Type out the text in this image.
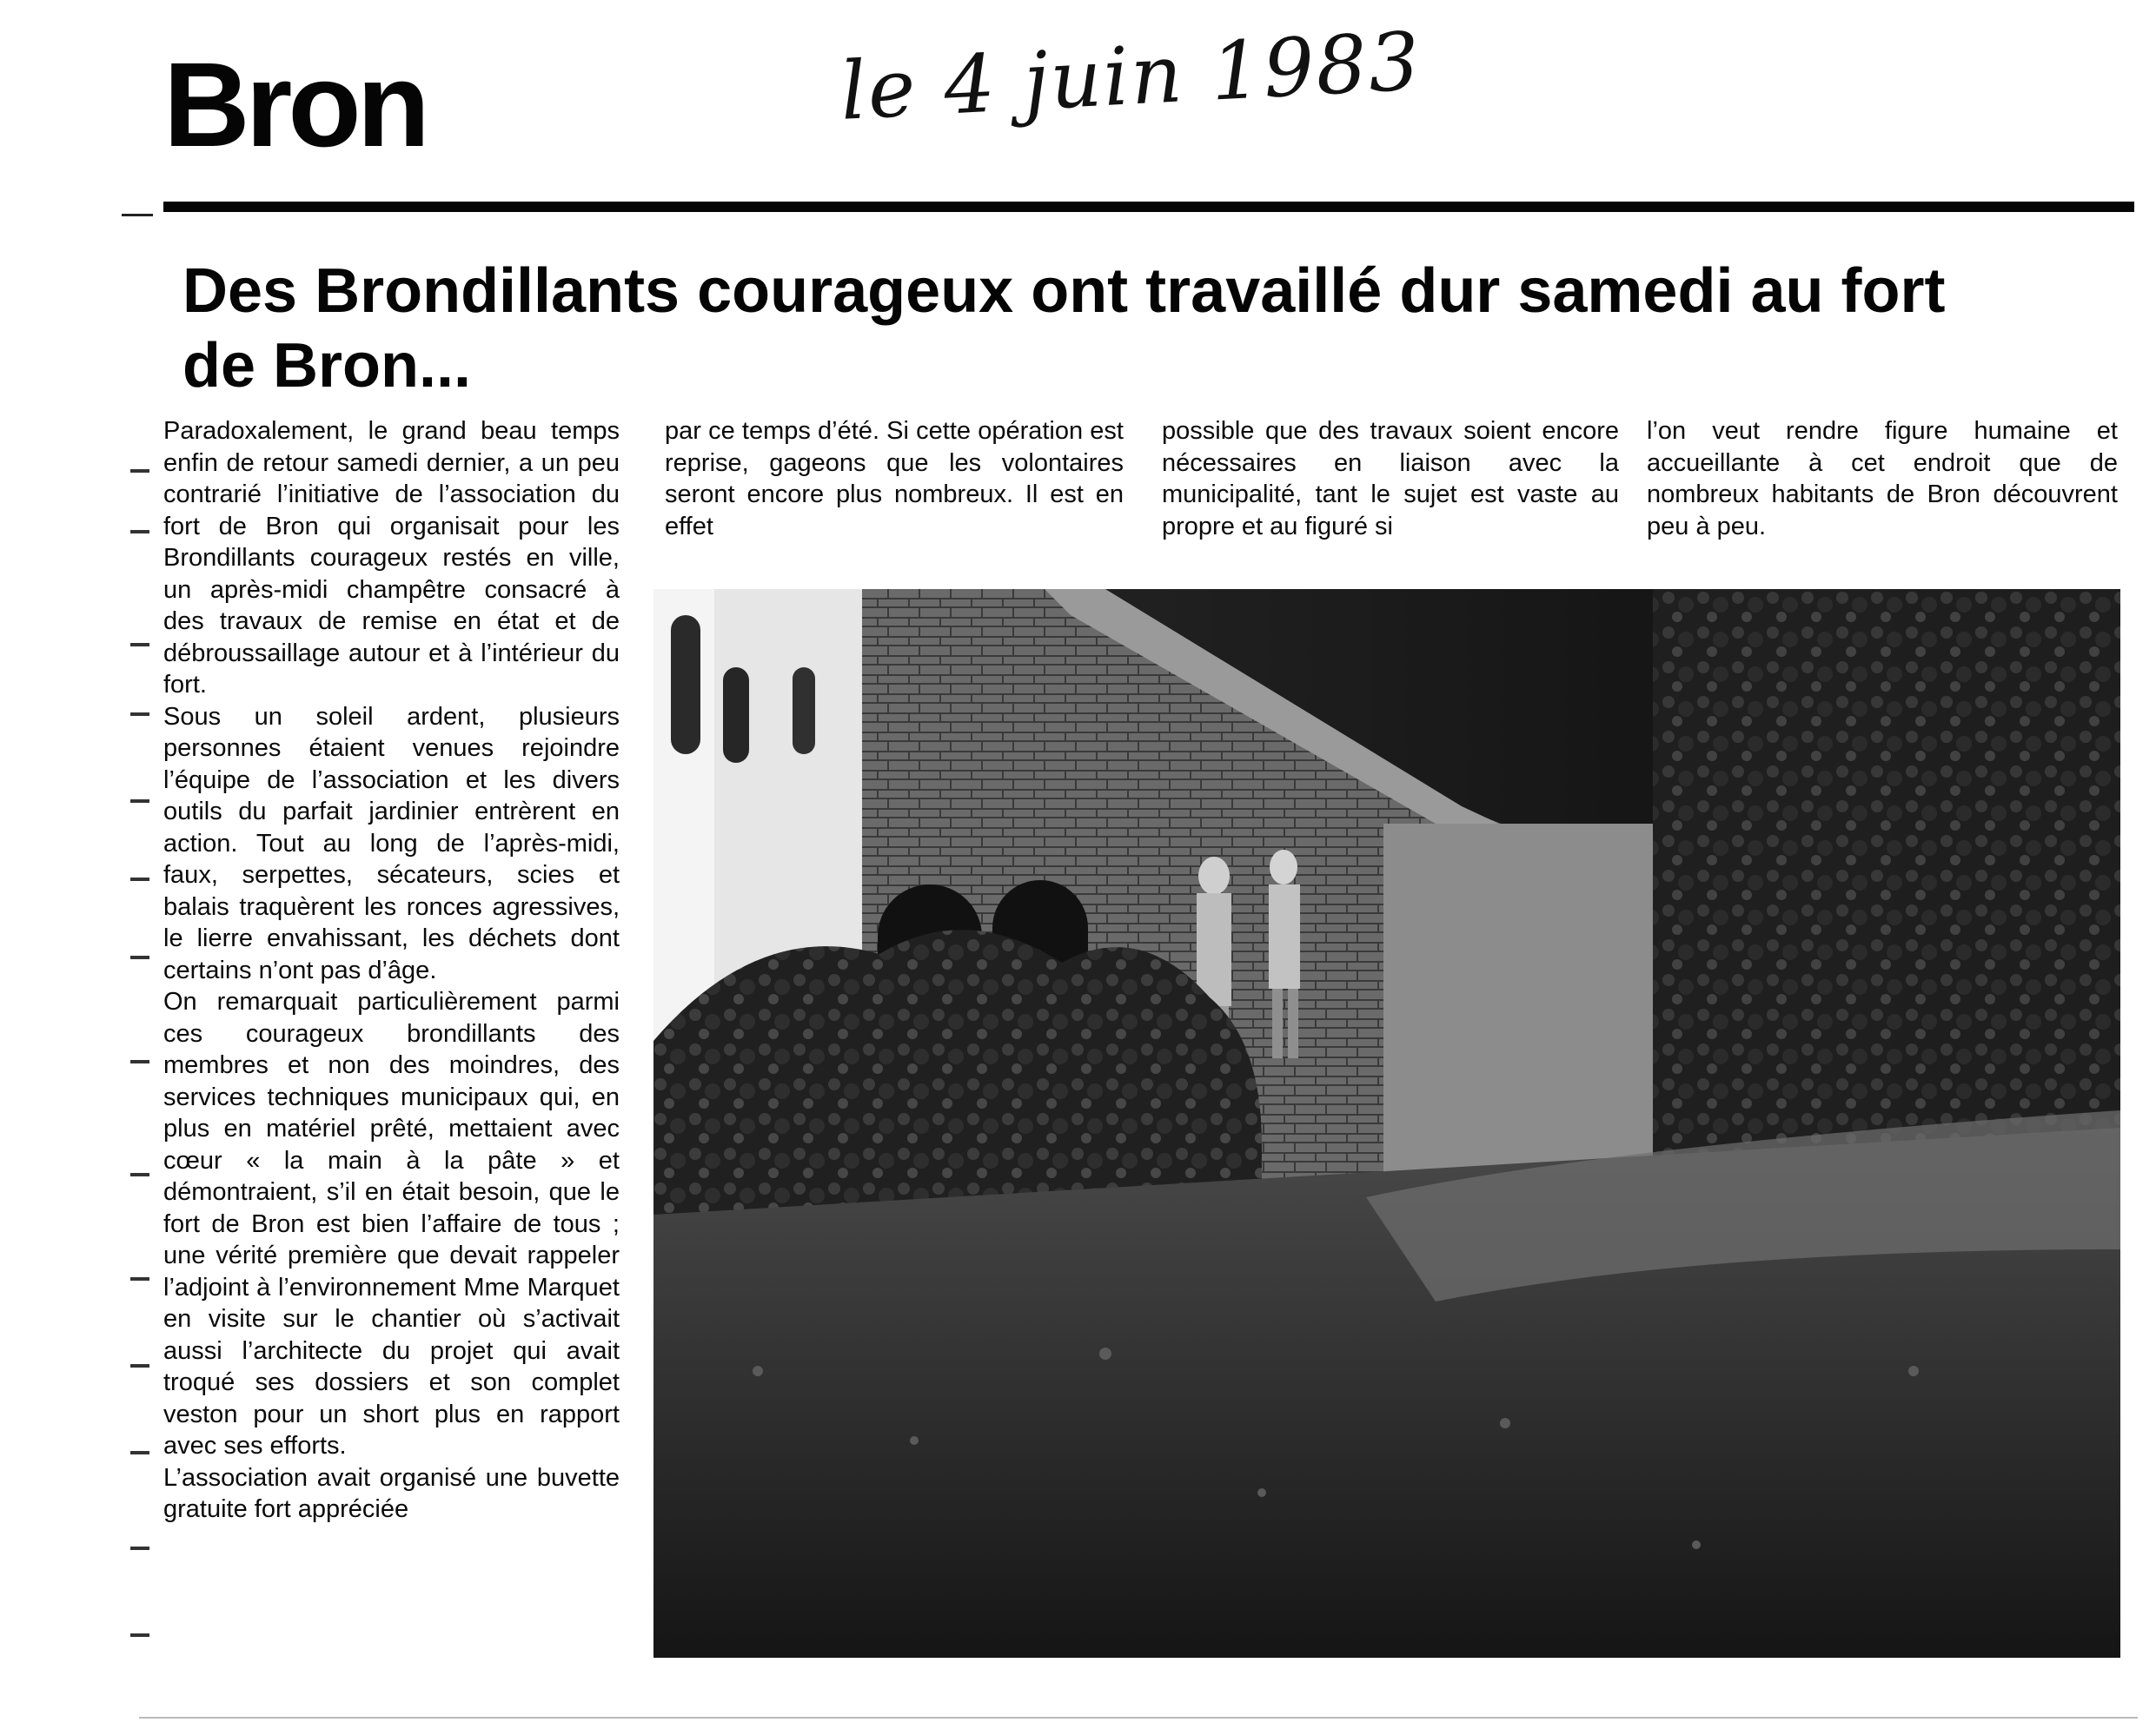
Bron	le 4 juin 1983
Des Brondillants courageux ont travaillé dur samedi au fort de Bron...

Paradoxalement, le grand beau temps enfin de retour samedi dernier, a un peu contrarié l’initiative de l’association du fort de Bron qui organisait pour les Brondillants courageux restés en ville, un après-midi champêtre consacré à des travaux de remise en état et de débroussaillage autour et à l’intérieur du fort.

Sous un soleil ardent, plusieurs personnes étaient venues rejoindre l’équipe de l’association et les divers outils du parfait jardinier entrèrent en action. Tout au long de l’après-midi, faux, serpettes, sécateurs, scies et balais traquèrent les ronces agressives, le lierre envahissant, les déchets dont certains n’ont pas d’âge.

On remarquait particulièrement parmi ces courageux brondillants des membres et non des moindres, des services techniques municipaux qui, en plus en matériel prêté, mettaient avec cœur « la main à la pâte » et démontraient, s’il en était besoin, que le fort de Bron est bien l’affaire de tous ; une vérité première que devait rappeler l’adjoint à l’environnement Mme Marquet en visite sur le chantier où s’activait aussi l’architecte du projet qui avait troqué ses dossiers et son complet veston pour un short plus en rapport avec ses efforts.

L’association avait organisé une buvette gratuite fort appréciée

par ce temps d’été. Si cette opération est reprise, gageons que les volontaires seront encore plus nombreux. Il est en effet

possible que des travaux soient encore nécessaires en liaison avec la municipalité, tant le sujet est vaste au propre et au figuré si

l’on veut rendre figure humaine et accueillante à cet endroit que de nombreux habitants de Bron découvrent peu à peu.
